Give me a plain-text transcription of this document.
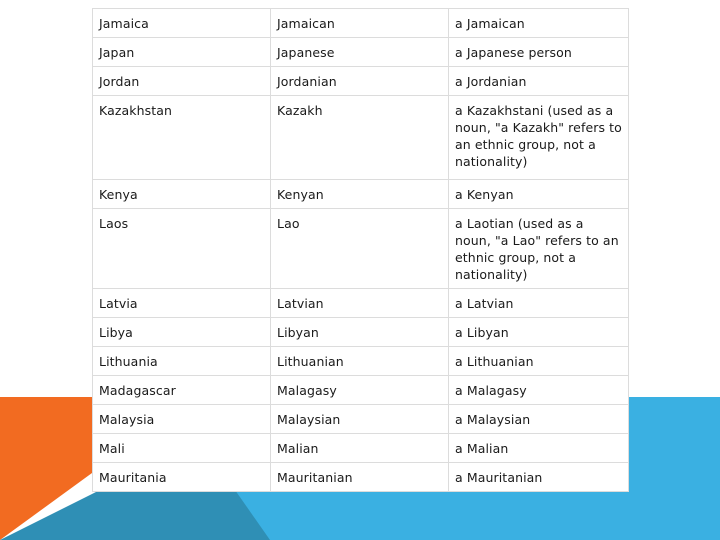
Jamaica	Jamaican	a Jamaican
Japan	Japanese	a Japanese person
Jordan	Jordanian	a Jordanian
Kazakhstan	Kazakh	a Kazakhstani (used as a noun, "a Kazakh" refers to an ethnic group, not a nationality)
Kenya	Kenyan	a Kenyan
Laos	Lao	a Laotian (used as a noun, "a Lao" refers to an ethnic group, not a nationality)
Latvia	Latvian	a Latvian
Libya	Libyan	a Libyan
Lithuania	Lithuanian	a Lithuanian
Madagascar	Malagasy	a Malagasy
Malaysia	Malaysian	a Malaysian
Mali	Malian	a Malian
Mauritania	Mauritanian	a Mauritanian
